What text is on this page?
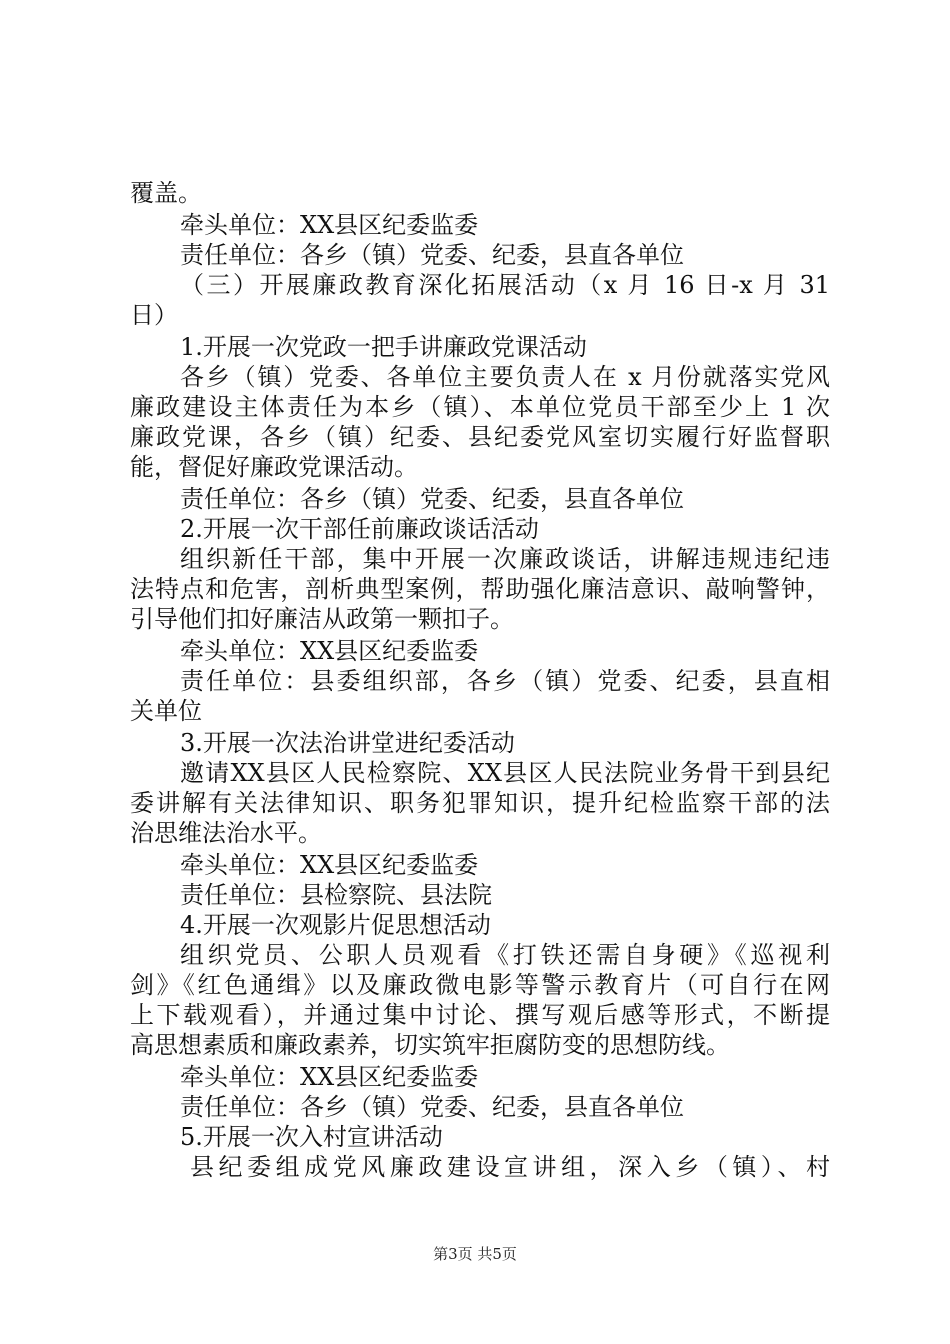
覆盖。
牵头单位：XX县区纪委监委
责任单位：各乡（镇）党委、纪委，县直各单位
（三）开展廉政教育深化拓展活动（x 月 16 日-x 月 31
日）
1.开展一次党政一把手讲廉政党课活动
各乡（镇）党委、各单位主要负责人在 x 月份就落实党风
廉政建设主体责任为本乡（镇）、本单位党员干部至少上 1 次
廉政党课，各乡（镇）纪委、县纪委党风室切实履行好监督职
能，督促好廉政党课活动。
责任单位：各乡（镇）党委、纪委，县直各单位
2.开展一次干部任前廉政谈话活动
组织新任干部，集中开展一次廉政谈话，讲解违规违纪违
法特点和危害，剖析典型案例，帮助强化廉洁意识、敲响警钟，
引导他们扣好廉洁从政第一颗扣子。
牵头单位：XX县区纪委监委
责任单位：县委组织部，各乡（镇）党委、纪委，县直相
关单位
3.开展一次法治讲堂进纪委活动
邀请XX县区人民检察院、XX县区人民法院业务骨干到县纪
委讲解有关法律知识、职务犯罪知识，提升纪检监察干部的法
治思维法治水平。
牵头单位：XX县区纪委监委
责任单位：县检察院、县法院
4.开展一次观影片促思想活动
组织党员、公职人员观看《打铁还需自身硬》《巡视利
剑》《红色通缉》以及廉政微电影等警示教育片（可自行在网
上下载观看），并通过集中讨论、撰写观后感等形式，不断提
高思想素质和廉政素养，切实筑牢拒腐防变的思想防线。
牵头单位：XX县区纪委监委
责任单位：各乡（镇）党委、纪委，县直各单位
5.开展一次入村宣讲活动
县纪委组成党风廉政建设宣讲组，深入乡（镇）、村
第3页 共5页
